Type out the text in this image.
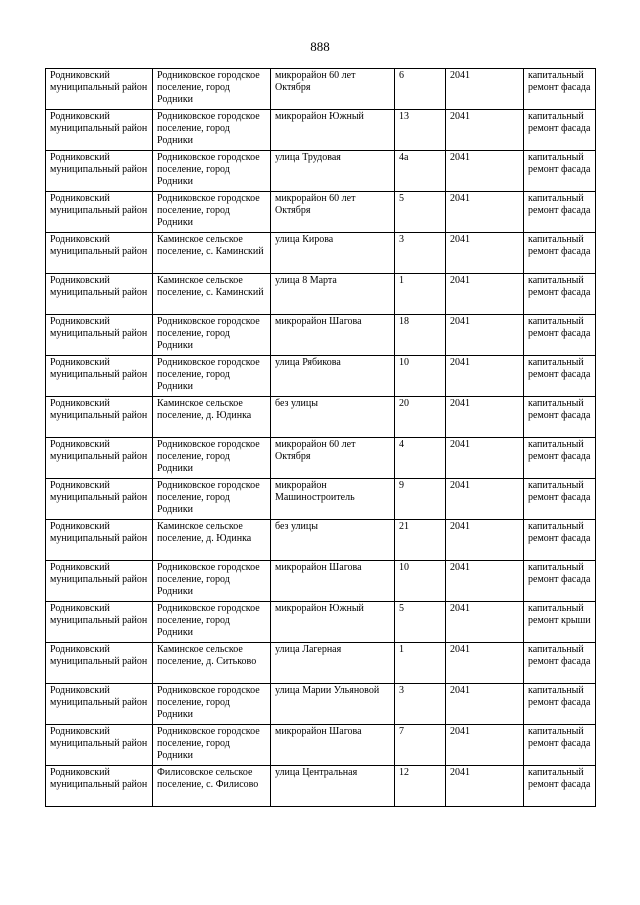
888
Родниковский муниципальный район	Родниковское городское поселение, город Родники	микрорайон 60 лет Октября	6	2041	капитальный ремонт фасада
Родниковский муниципальный район	Родниковское городское поселение, город Родники	микрорайон Южный	13	2041	капитальный ремонт фасада
Родниковский муниципальный район	Родниковское городское поселение, город Родники	улица Трудовая	4а	2041	капитальный ремонт фасада
Родниковский муниципальный район	Родниковское городское поселение, город Родники	микрорайон 60 лет Октября	5	2041	капитальный ремонт фасада
Родниковский муниципальный район	Каминское сельское поселение, с. Каминский	улица Кирова	3	2041	капитальный ремонт фасада
Родниковский муниципальный район	Каминское сельское поселение, с. Каминский	улица 8 Марта	1	2041	капитальный ремонт фасада
Родниковский муниципальный район	Родниковское городское поселение, город Родники	микрорайон Шагова	18	2041	капитальный ремонт фасада
Родниковский муниципальный район	Родниковское городское поселение, город Родники	улица Рябикова	10	2041	капитальный ремонт фасада
Родниковский муниципальный район	Каминское сельское поселение, д. Юдинка	без улицы	20	2041	капитальный ремонт фасада
Родниковский муниципальный район	Родниковское городское поселение, город Родники	микрорайон 60 лет Октября	4	2041	капитальный ремонт фасада
Родниковский муниципальный район	Родниковское городское поселение, город Родники	микрорайон Машиностроитель	9	2041	капитальный ремонт фасада
Родниковский муниципальный район	Каминское сельское поселение, д. Юдинка	без улицы	21	2041	капитальный ремонт фасада
Родниковский муниципальный район	Родниковское городское поселение, город Родники	микрорайон Шагова	10	2041	капитальный ремонт фасада
Родниковский муниципальный район	Родниковское городское поселение, город Родники	микрорайон Южный	5	2041	капитальный ремонт крыши
Родниковский муниципальный район	Каминское сельское поселение, д. Ситьково	улица Лагерная	1	2041	капитальный ремонт фасада
Родниковский муниципальный район	Родниковское городское поселение, город Родники	улица Марии Ульяновой	3	2041	капитальный ремонт фасада
Родниковский муниципальный район	Родниковское городское поселение, город Родники	микрорайон Шагова	7	2041	капитальный ремонт фасада
Родниковский муниципальный район	Филисовское сельское поселение, с. Филисово	улица Центральная	12	2041	капитальный ремонт фасада
